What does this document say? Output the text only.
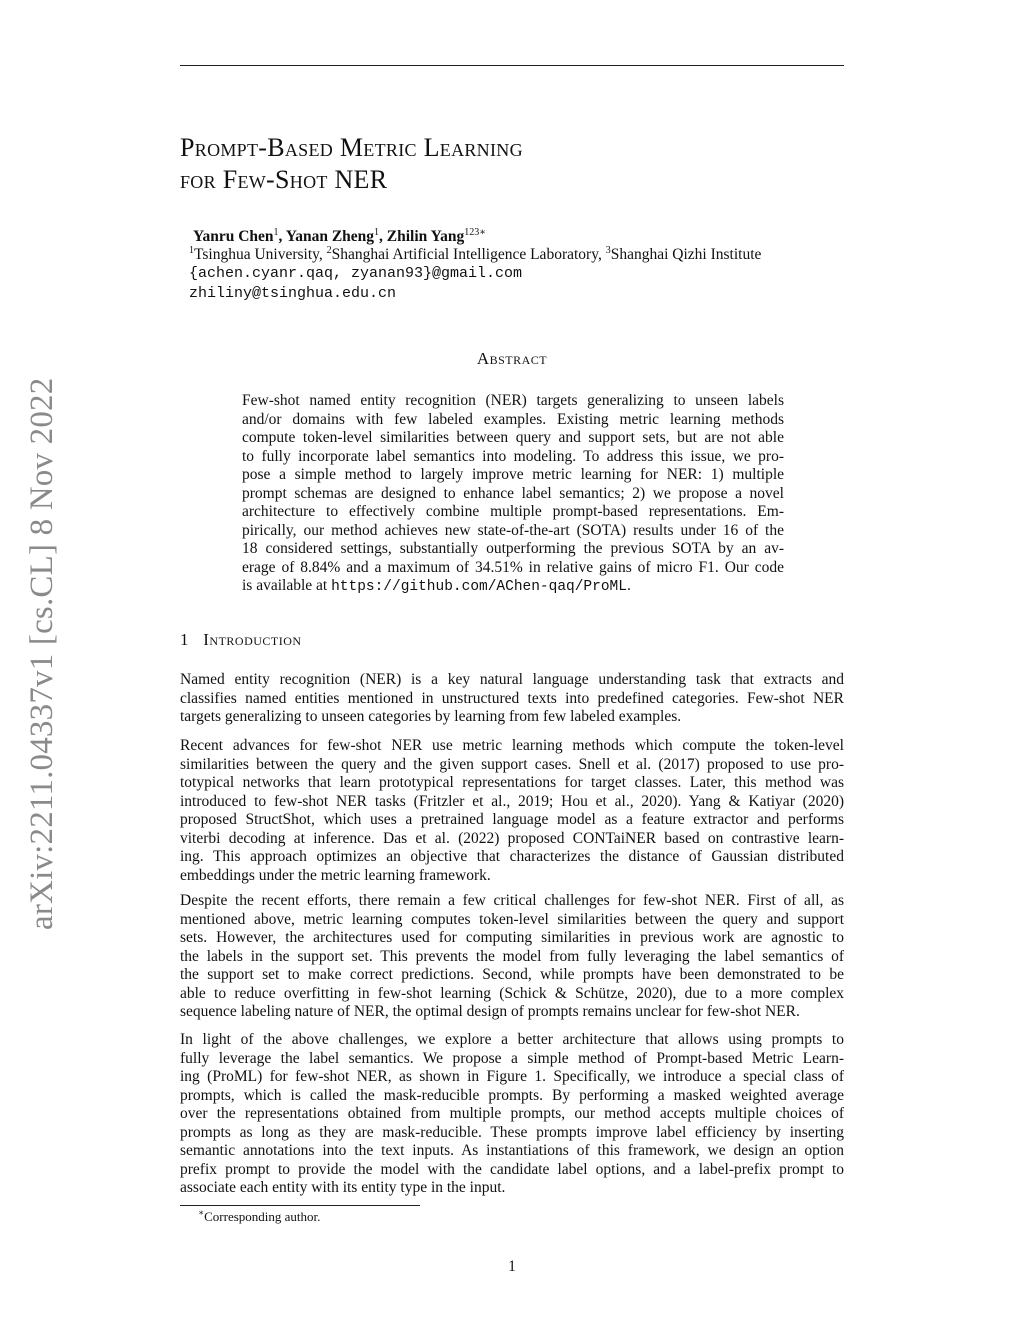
arXiv:2211.04337v1 [cs.CL] 8 Nov 2022
Prompt-Based Metric Learning
for Few-Shot NER
Yanru Chen$^1$, Yanan Zheng$^1$, Zhilin Yang$^{123∗}$
$^1$Tsinghua University, $^2$Shanghai Artificial Intelligence Laboratory, $^3$Shanghai Qizhi Institute
{achen.cyanr.qaq, zyanan93}@gmail.com
zhiliny@tsinghua.edu.cn
Abstract
Few-shot named entity recognition (NER) targets generalizing to unseen labels
and/or domains with few labeled examples. Existing metric learning methods
compute token-level similarities between query and support sets, but are not able
to fully incorporate label semantics into modeling. To address this issue, we pro-
pose a simple method to largely improve metric learning for NER: 1) multiple
prompt schemas are designed to enhance label semantics; 2) we propose a novel
architecture to effectively combine multiple prompt-based representations. Em-
pirically, our method achieves new state-of-the-art (SOTA) results under 16 of the
18 considered settings, substantially outperforming the previous SOTA by an av-
erage of 8.84% and a maximum of 34.51% in relative gains of micro F1. Our code
is available at https://github.com/AChen-qaq/ProML.
1 Introduction
Named entity recognition (NER) is a key natural language understanding task that extracts and
classifies named entities mentioned in unstructured texts into predefined categories. Few-shot NER
targets generalizing to unseen categories by learning from few labeled examples.
Recent advances for few-shot NER use metric learning methods which compute the token-level
similarities between the query and the given support cases. Snell et al. (2017) proposed to use pro-
totypical networks that learn prototypical representations for target classes. Later, this method was
introduced to few-shot NER tasks (Fritzler et al., 2019; Hou et al., 2020). Yang & Katiyar (2020)
proposed StructShot, which uses a pretrained language model as a feature extractor and performs
viterbi decoding at inference. Das et al. (2022) proposed CONTaiNER based on contrastive learn-
ing. This approach optimizes an objective that characterizes the distance of Gaussian distributed
embeddings under the metric learning framework.
Despite the recent efforts, there remain a few critical challenges for few-shot NER. First of all, as
mentioned above, metric learning computes token-level similarities between the query and support
sets. However, the architectures used for computing similarities in previous work are agnostic to
the labels in the support set. This prevents the model from fully leveraging the label semantics of
the support set to make correct predictions. Second, while prompts have been demonstrated to be
able to reduce overfitting in few-shot learning (Schick & Schütze, 2020), due to a more complex
sequence labeling nature of NER, the optimal design of prompts remains unclear for few-shot NER.
In light of the above challenges, we explore a better architecture that allows using prompts to
fully leverage the label semantics. We propose a simple method of Prompt-based Metric Learn-
ing (ProML) for few-shot NER, as shown in Figure 1. Specifically, we introduce a special class of
prompts, which is called the mask-reducible prompts. By performing a masked weighted average
over the representations obtained from multiple prompts, our method accepts multiple choices of
prompts as long as they are mask-reducible. These prompts improve label efficiency by inserting
semantic annotations into the text inputs. As instantiations of this framework, we design an option
prefix prompt to provide the model with the candidate label options, and a label-prefix prompt to
associate each entity with its entity type in the input.
∗Corresponding author.
1
